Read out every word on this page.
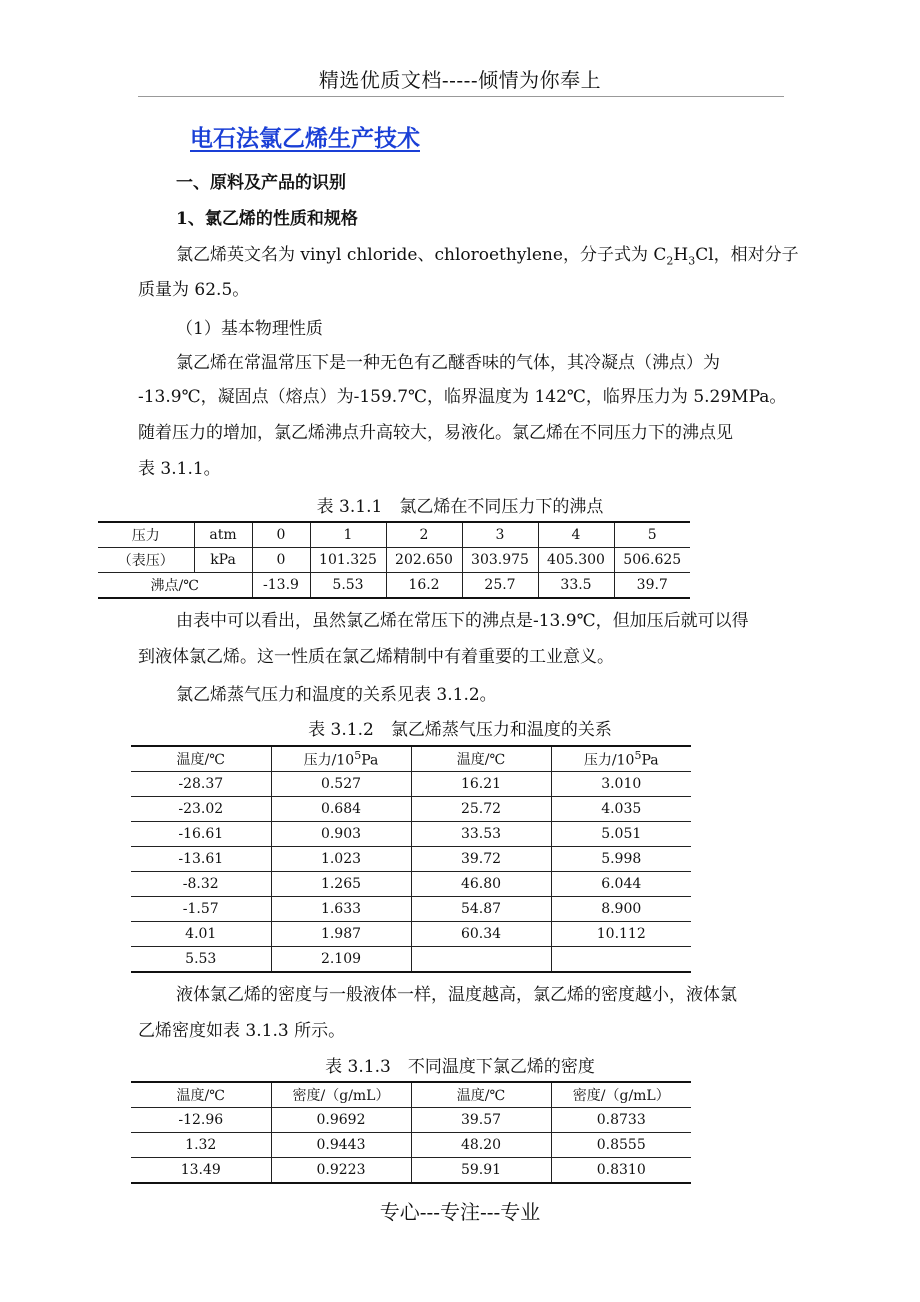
精选优质文档-----倾情为你奉上
电石法氯乙烯生产技术
一、原料及产品的识别
1、氯乙烯的性质和规格
氯乙烯英文名为 vinyl chloride、chloroethylene，分子式为 $C_2H_3Cl$，相对分子
质量为 62.5。
（1）基本物理性质
氯乙烯在常温常压下是一种无色有乙醚香味的气体，其冷凝点（沸点）为
-13.9℃，凝固点（熔点）为-159.7℃，临界温度为 142℃，临界压力为 5.29MPa。
随着压力的增加，氯乙烯沸点升高较大，易液化。氯乙烯在不同压力下的沸点见
表 3.1.1。
表 3.1.1　氯乙烯在不同压力下的沸点
压力	atm	0	1	2	3	4	5
（表压）	kPa	0	101.325	202.650	303.975	405.300	506.625
沸点/℃		-13.9	5.53	16.2	25.7	33.5	39.7
由表中可以看出，虽然氯乙烯在常压下的沸点是-13.9℃，但加压后就可以得
到液体氯乙烯。这一性质在氯乙烯精制中有着重要的工业意义。
氯乙烯蒸气压力和温度的关系见表 3.1.2。
表 3.1.2　氯乙烯蒸气压力和温度的关系
温度/℃	压力$/10^5Pa$	温度/℃	压力$/10^5Pa$
-28.37	0.527	16.21	3.010
-23.02	0.684	25.72	4.035
-16.61	0.903	33.53	5.051
-13.61	1.023	39.72	5.998
-8.32	1.265	46.80	6.044
-1.57	1.633	54.87	8.900
4.01	1.987	60.34	10.112
5.53	2.109		
液体氯乙烯的密度与一般液体一样，温度越高，氯乙烯的密度越小，液体氯
乙烯密度如表 3.1.3 所示。
表 3.1.3　不同温度下氯乙烯的密度
温度/℃	密度/（g/mL）	温度/℃	密度/（g/mL）
-12.96	0.9692	39.57	0.8733
1.32	0.9443	48.20	0.8555
13.49	0.9223	59.91	0.8310
专心---专注---专业
